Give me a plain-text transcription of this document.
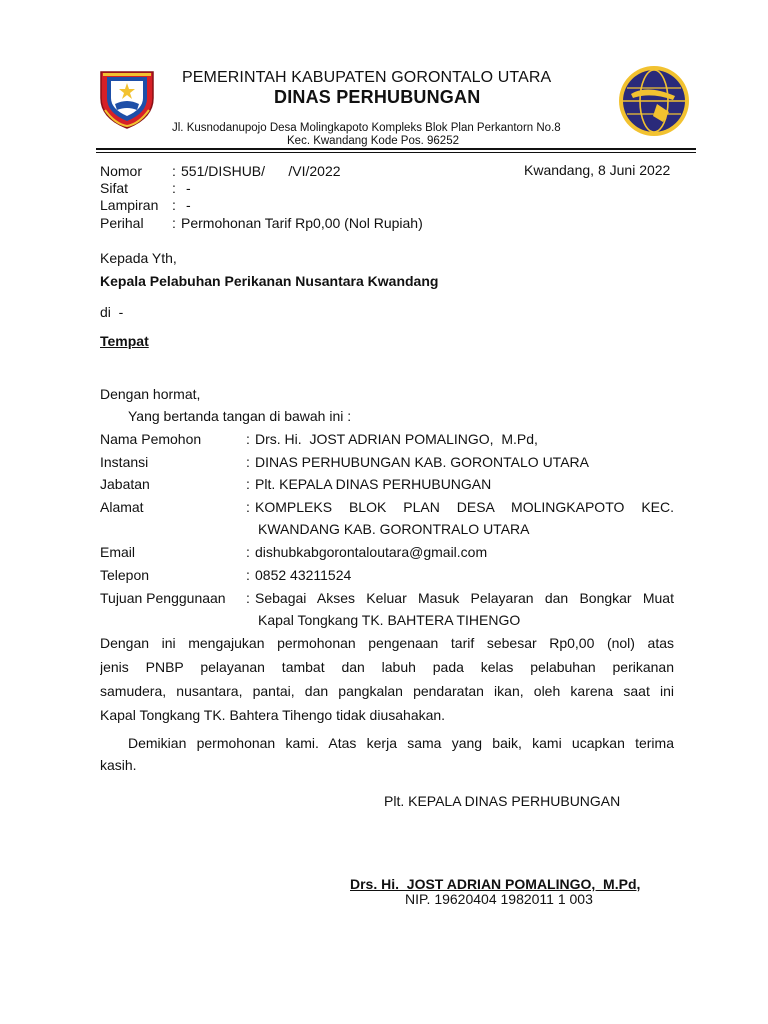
PEMERINTAH KABUPATEN GORONTALO UTARA
DINAS PERHUBUNGAN
Jl. Kusnodanupojo Desa Molingkapoto Kompleks Blok Plan Perkantorn No.8
Kec. Kwandang Kode Pos. 96252
Nomor : 551/DISHUB/      /VI/2022	Kwandang, 8 Juni 2022
Sifat	: -
Lampiran : -
Perihal : Permohonan Tarif Rp0,00 (Nol Rupiah)
Kepada Yth,
Kepala Pelabuhan Perikanan Nusantara Kwandang
di  -
Tempat
Dengan hormat,
Yang bertanda tangan di bawah ini :
Nama Pemohon	: Drs. Hi.  JOST ADRIAN POMALINGO,  M.Pd,
Instansi	: DINAS PERHUBUNGAN KAB. GORONTALO UTARA
Jabatan	: Plt. KEPALA DINAS PERHUBUNGAN
Alamat	: KOMPLEKS BLOK PLAN DESA MOLINGKAPOTO KEC.
KWANDANG KAB. GORONTRALO UTARA
Email	: dishubkabgorontaloutara@gmail.com
Telepon	: 0852 43211524
Tujuan Penggunaan : Sebagai Akses Keluar Masuk Pelayaran dan Bongkar Muat
Kapal Tongkang TK. BAHTERA TIHENGO
Dengan ini mengajukan permohonan pengenaan tarif sebesar Rp0,00 (nol) atas
jenis PNBP pelayanan tambat dan labuh pada kelas pelabuhan perikanan
samudera, nusantara, pantai, dan pangkalan pendaratan ikan, oleh karena saat ini
Kapal Tongkang TK. Bahtera Tihengo tidak diusahakan.
Demikian permohonan kami. Atas kerja sama yang baik, kami ucapkan terima
kasih.
Plt. KEPALA DINAS PERHUBUNGAN
Drs. Hi.  JOST ADRIAN POMALINGO,  M.Pd,
NIP. 19620404 1982011 1 003
